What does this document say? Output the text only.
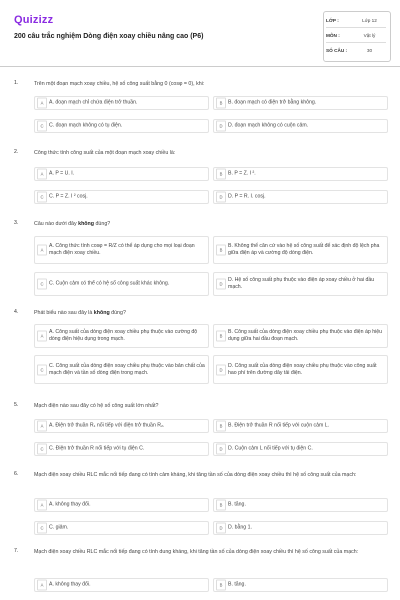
Quizizz
200 câu trắc nghiệm Dòng điện xoay chiều nâng cao (P6)
LỚP :	Lớp 12
MÔN :	Vật lý
SỐ CÂU :	30
1.	Trên một đoạn mạch xoay chiều, hệ số công suất bằng 0 (cosφ = 0), khi:
A	A. đoạn mạch chỉ chứa điện trở thuần.	B	B. đoạn mạch có điện trở bằng không.
C	C. đoạn mạch không có tụ điện.	D	D. đoạn mạch không có cuộn cảm.
2.	Công thức tính công suất của một đoạn mạch xoay chiều là:
A	A. P = U. I.	B	B. P = Z. I ².
C	C. P = Z. I ² cosj.	D	D. P = R. I. cosj.
3.	Câu nào dưới đây không đúng?
A
A. Công thức tính cosφ = R/Z có thể áp dụng cho mọi loại đoạn mạch điện xoay chiều.	B
B. Không thể căn cứ vào hệ số công suất để xác định độ lệch pha giữa điện áp và cường độ dòng điện.
C	C. Cuộn cảm có thể có hệ số công suất khác không.	D
D. Hệ số công suất phụ thuộc vào điện áp xoay chiều ở hai đầu mạch.
4.	Phát biểu nào sau đây là không đúng?
A
A. Công suất của dòng điện xoay chiều phụ thuộc vào cường độ dòng điện hiệu dụng trong mạch.	B
B. Công suất của dòng điện xoay chiều phụ thuộc vào điện áp hiệu dụng giữa hai đầu đoạn mạch.
C
C. Công suất của dòng điện xoay chiều phụ thuộc vào bản chất của mạch điện và tần số dòng điện trong mạch.	D
D. Công suất của dòng điện xoay chiều phụ thuộc vào công suất hao phí trên đường dây tải điện.
5.	Mạch điện nào sau đây có hệ số công suất lớn nhất?
A	A. Điện trở thuần R₁ nối tiếp với điện trở thuần R₂.	B	B. Điện trở thuần R nối tiếp với cuộn cảm L.
C	C. Điện trở thuần R nối tiếp với tụ điện C.	D	D. Cuộn cảm L nối tiếp với tụ điện C.
6.	Mạch điện xoay chiều RLC mắc nối tiếp đang có tính cảm kháng, khi tăng tần số của dòng điện xoay chiều thì hệ số công suất của mạch:
A	A. không thay đổi.	B	B. tăng.
C	C. giảm.	D	D. bằng 1.
7.	Mạch điện xoay chiều RLC mắc nối tiếp đang có tính dung kháng, khi tăng tần số của dòng điện xoay chiều thì hệ số công suất của mạch:
A	A. không thay đổi.	B	B. tăng.
